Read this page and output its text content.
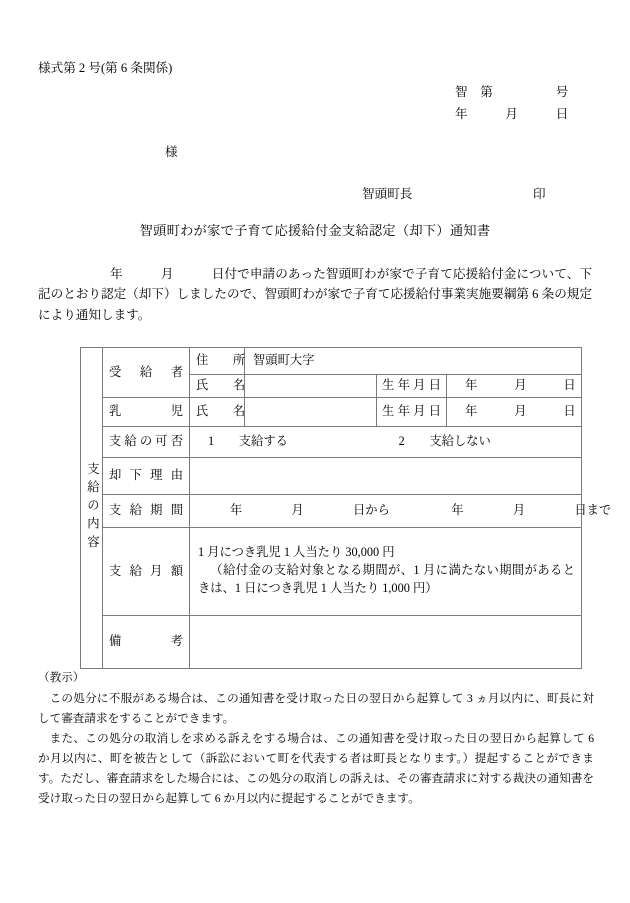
様式第 2 号(第 6 条関係)
智　第　　　　　号
年　　　月　　　日
様
智頭町長	印
智頭町わが家で子育て応援給付金支給認定（却下）通知書
年　　　月　　　日付で申請のあった智頭町わが家で子育て応援給付金について、下記のとおり認定（却下）しましたので、智頭町わが家で子育て応援給付事業実施要綱第 6 条の規定により通知します。
支給の内容	受　給　者	住　　所	智頭町大字		
		氏　　名		生 年 月 日	年　　　月　　　日
	乳　　　児	氏　　名		生 年 月 日	年　　　月　　　日
	支給の可否	1　　支給する　　　　　　　　　2　　支給しない			
	却 下 理 由				
	支 給 期 間	年　　　　月　　　　日から　　　　　年　　　　月　　　　日まで			
	支 給 月 額	1 月につき乳児 1 人当たり 30,000 円
（給付金の支給対象となる期間が、1 月に満たない期間があるときは、1 日につき乳児 1 人当たり 1,000 円）			

	備　　　　考				
（教示）

この処分に不服がある場合は、この通知書を受け取った日の翌日から起算して 3 ヵ月以内に、町長に対して審査請求をすることができます。

また、この処分の取消しを求める訴えをする場合は、この通知書を受け取った日の翌日から起算して 6 か月以内に、町を被告として（訴訟において町を代表する者は町長となります。）提起することができます。ただし、審査請求をした場合には、この処分の取消しの訴えは、その審査請求に対する裁決の通知書を受け取った日の翌日から起算して 6 か月以内に提起することができます。
